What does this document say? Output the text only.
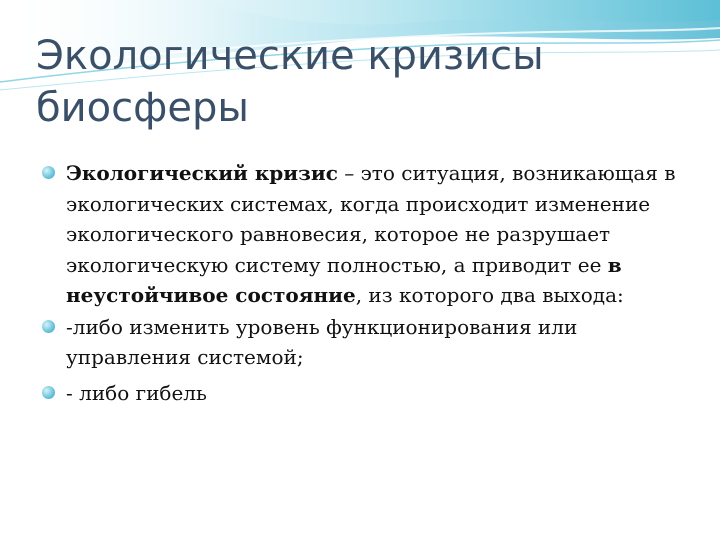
Экологические кризисы
биосферы
Экологический кризис – это ситуация, возникающая в экологических системах, когда происходит изменение экологического равновесия, которое не разрушает экологическую систему полностью, а приводит ее в неустойчивое состояние, из которого два выхода:
-либо изменить уровень функционирования или управления системой;
- либо гибель
